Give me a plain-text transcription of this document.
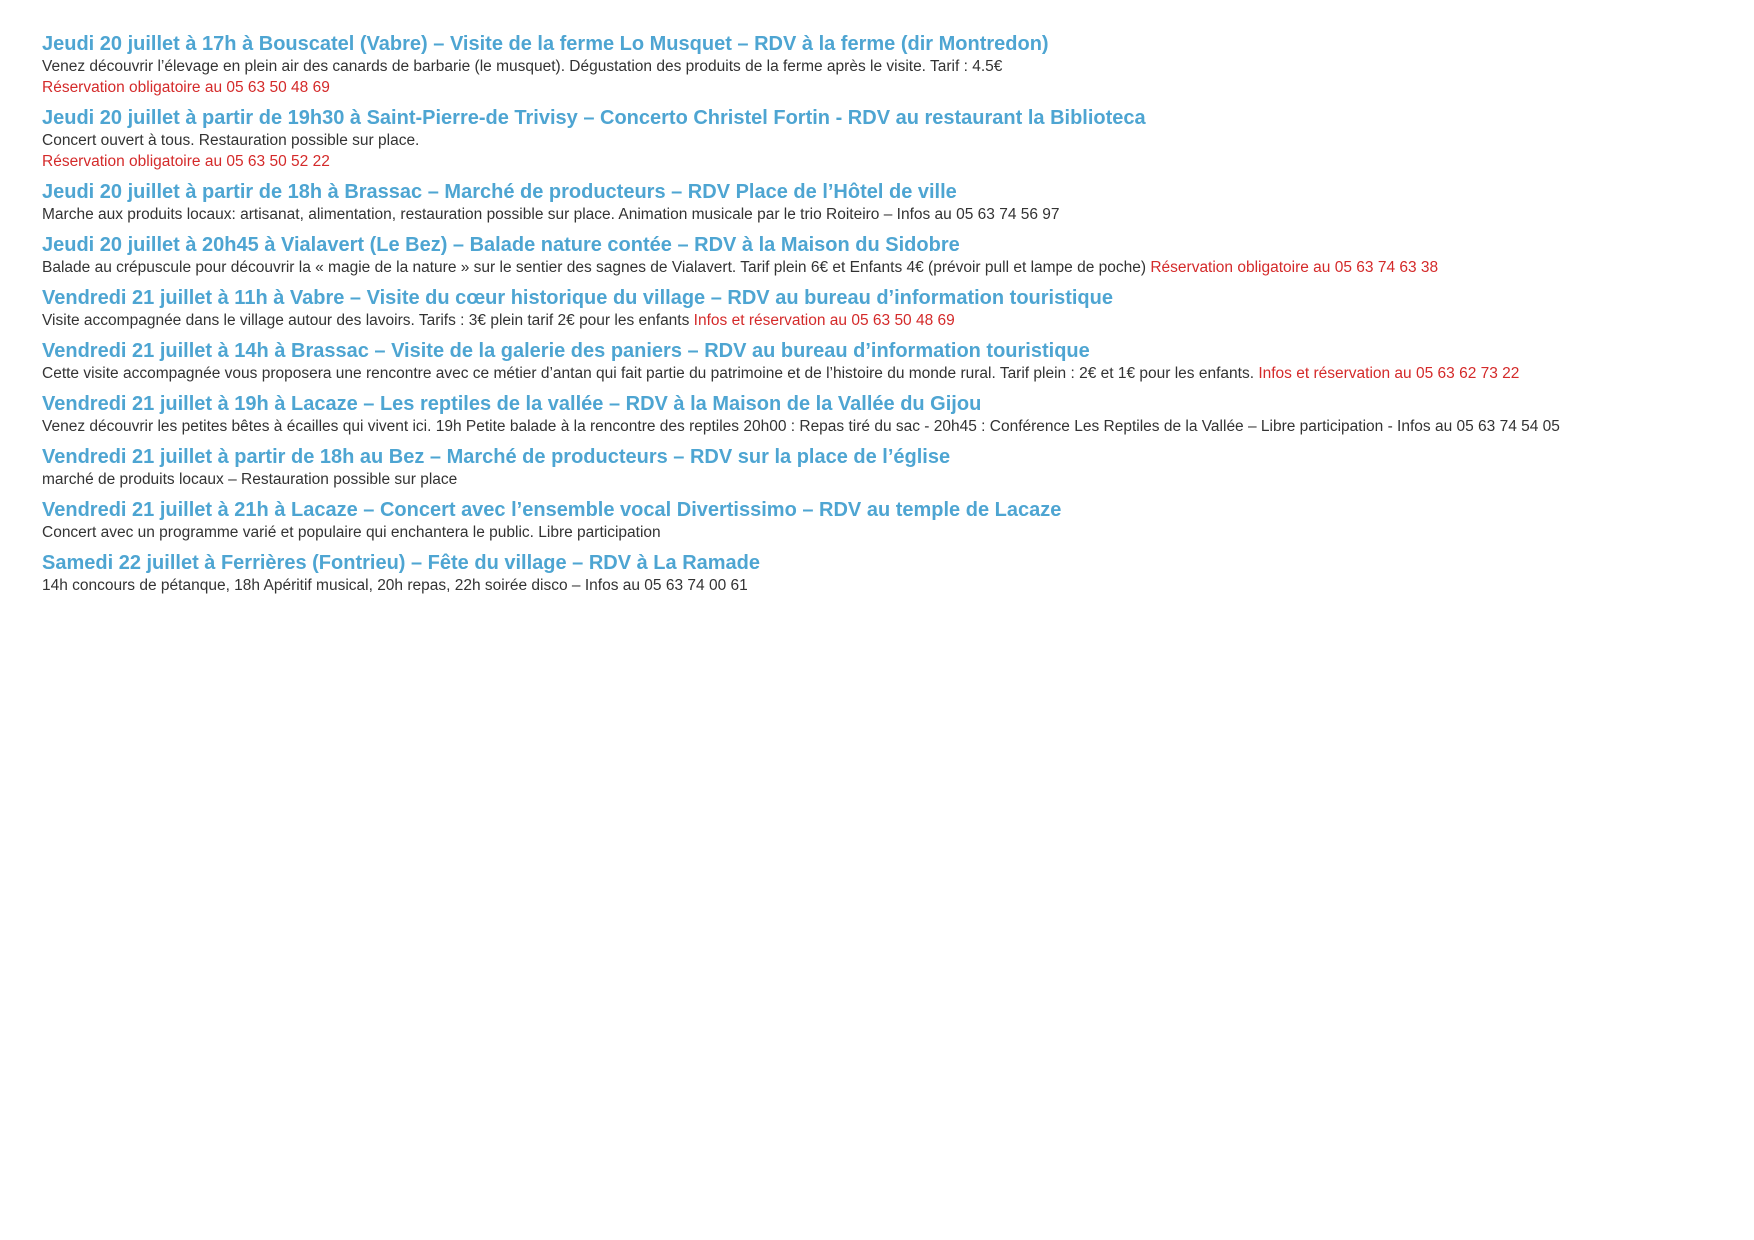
Jeudi 20 juillet à 17h à Bouscatel (Vabre) – Visite de la ferme Lo Musquet – RDV à la ferme (dir Montredon)
Venez découvrir l’élevage en plein air des canards de barbarie (le musquet). Dégustation des produits de la ferme après le visite. Tarif : 4.5€
Réservation obligatoire au 05 63 50 48 69
Jeudi 20 juillet à partir de 19h30 à Saint-Pierre-de Trivisy – Concerto Christel Fortin - RDV au restaurant la Biblioteca
Concert ouvert à tous. Restauration possible sur place.
Réservation obligatoire au 05 63 50 52 22
Jeudi 20 juillet à partir de 18h à Brassac – Marché de producteurs – RDV Place de l’Hôtel de ville
Marche aux produits locaux: artisanat, alimentation, restauration possible sur place. Animation musicale par le trio Roiteiro – Infos au 05 63 74 56 97
Jeudi 20 juillet à 20h45 à Vialavert (Le Bez) – Balade nature contée – RDV à la Maison du Sidobre
Balade au crépuscule pour découvrir la « magie de la nature » sur le sentier des sagnes de Vialavert. Tarif plein 6€ et Enfants 4€ (prévoir pull et lampe de poche) Réservation obligatoire au 05 63 74 63 38
Vendredi 21 juillet à 11h à Vabre – Visite du cœur historique du village – RDV au bureau d’information touristique
Visite accompagnée dans le village autour des lavoirs. Tarifs : 3€ plein tarif 2€ pour les enfants Infos et réservation au 05 63 50 48 69
Vendredi 21 juillet à 14h à Brassac – Visite de la galerie des paniers – RDV au bureau d’information touristique
Cette visite accompagnée vous proposera une rencontre avec ce métier d’antan qui fait partie du patrimoine et de l’histoire du monde rural. Tarif plein : 2€ et 1€ pour les enfants. Infos et réservation au 05 63 62 73 22
Vendredi 21 juillet à 19h à Lacaze – Les reptiles de la vallée – RDV à la Maison de la Vallée du Gijou
Venez découvrir les petites bêtes à écailles qui vivent ici. 19h Petite balade à la rencontre des reptiles 20h00 : Repas tiré du sac - 20h45 : Conférence Les Reptiles de la Vallée – Libre participation - Infos au 05 63 74 54 05
Vendredi 21 juillet à partir de 18h au Bez – Marché de producteurs – RDV sur la place de l’église
marché de produits locaux – Restauration possible sur place
Vendredi 21 juillet à 21h à Lacaze – Concert avec l’ensemble vocal Divertissimo – RDV au temple de Lacaze
Concert avec un programme varié et populaire qui enchantera le public. Libre participation
Samedi 22 juillet à Ferrières (Fontrieu) – Fête du village – RDV à La Ramade
14h concours de pétanque, 18h Apéritif musical, 20h repas, 22h soirée disco – Infos au 05 63 74 00 61
